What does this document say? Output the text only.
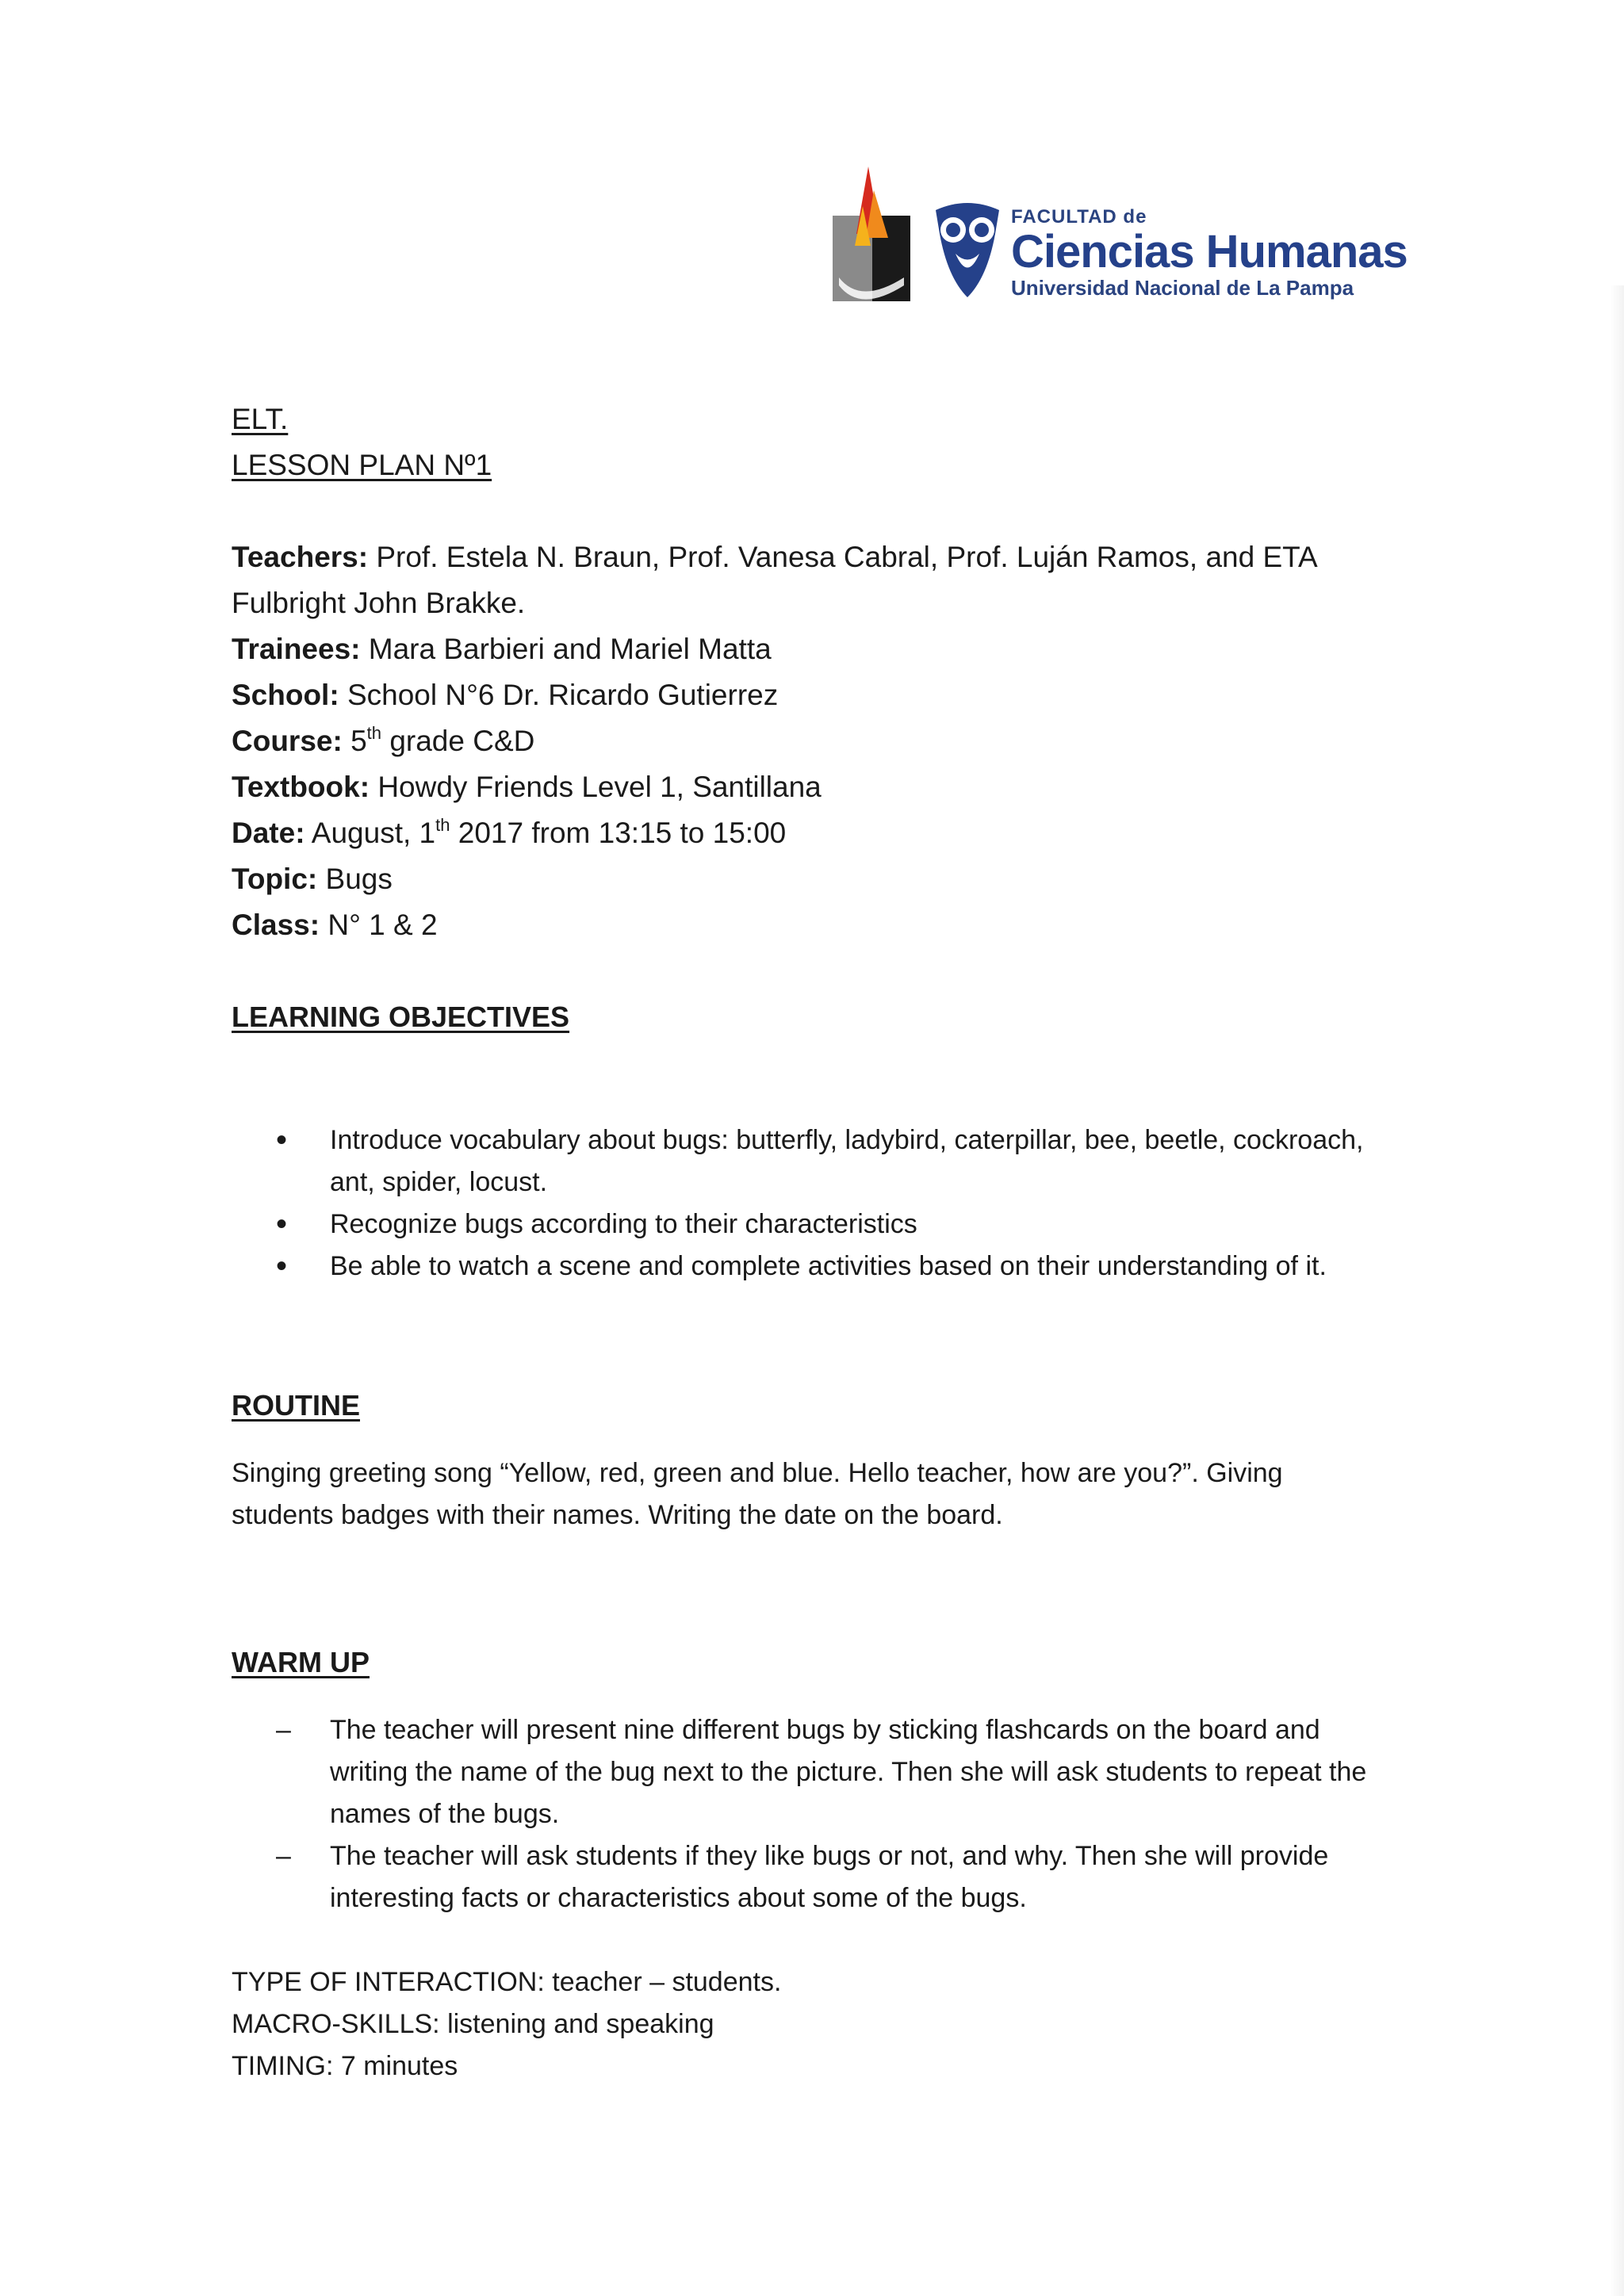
FACULTAD de
Ciencias Humanas
Universidad Nacional de La Pampa
ELT.
LESSON PLAN Nº1
Teachers: Prof. Estela N. Braun, Prof. Vanesa Cabral, Prof. Luján Ramos, and ETA
Fulbright John Brakke.
Trainees: Mara Barbieri and Mariel Matta
School: School N°6 Dr. Ricardo Gutierrez
Course: 5th grade C&D
Textbook: Howdy Friends Level 1, Santillana
Date: August, 1th 2017 from 13:15 to 15:00
Topic: Bugs
Class: N° 1 & 2
LEARNING OBJECTIVES
• Introduce vocabulary about bugs: butterfly, ladybird, caterpillar, bee, beetle, cockroach, ant, spider, locust.
• Recognize bugs according to their characteristics
• Be able to watch a scene and complete activities based on their understanding of it.
ROUTINE
Singing greeting song “Yellow, red, green and blue. Hello teacher, how are you?”. Giving students badges with their names. Writing the date on the board.
WARM UP
– The teacher will present nine different bugs by sticking flashcards on the board and writing the name of the bug next to the picture. Then she will ask students to repeat the names of the bugs.
– The teacher will ask students if they like bugs or not, and why. Then she will provide interesting facts or characteristics about some of the bugs.
TYPE OF INTERACTION: teacher – students.
MACRO-SKILLS: listening and speaking
TIMING: 7 minutes
